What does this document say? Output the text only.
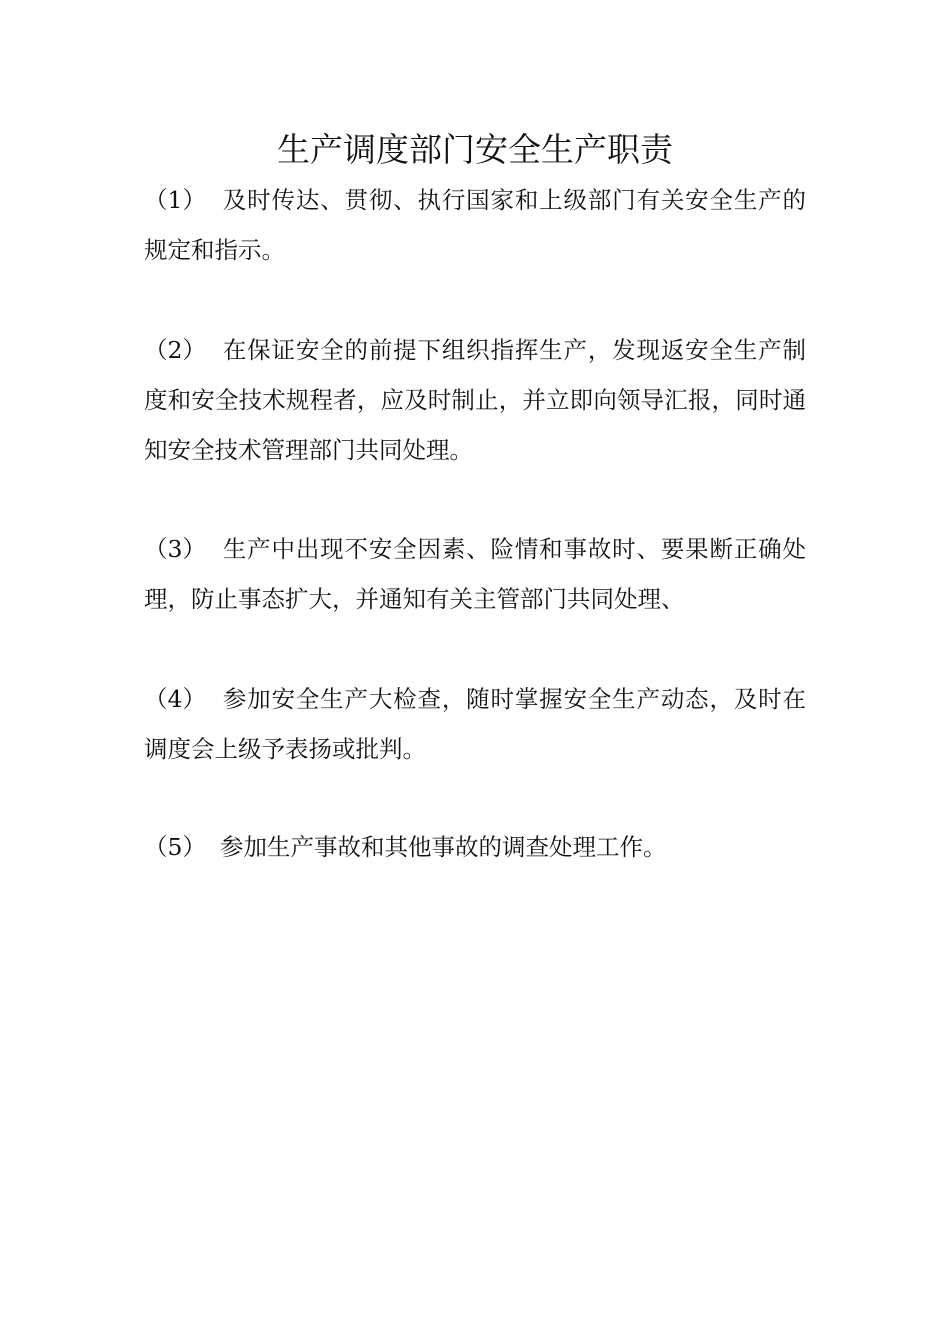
生产调度部门安全生产职责

（1） 及时传达、贯彻、执行国家和上级部门有关安全生产的规定和指示。

（2） 在保证安全的前提下组织指挥生产，发现返安全生产制度和安全技术规程者，应及时制止，并立即向领导汇报，同时通知安全技术管理部门共同处理。

（3） 生产中出现不安全因素、险情和事故时、要果断正确处理，防止事态扩大，并通知有关主管部门共同处理、

（4） 参加安全生产大检查，随时掌握安全生产动态，及时在调度会上级予表扬或批判。

（5） 参加生产事故和其他事故的调查处理工作。
